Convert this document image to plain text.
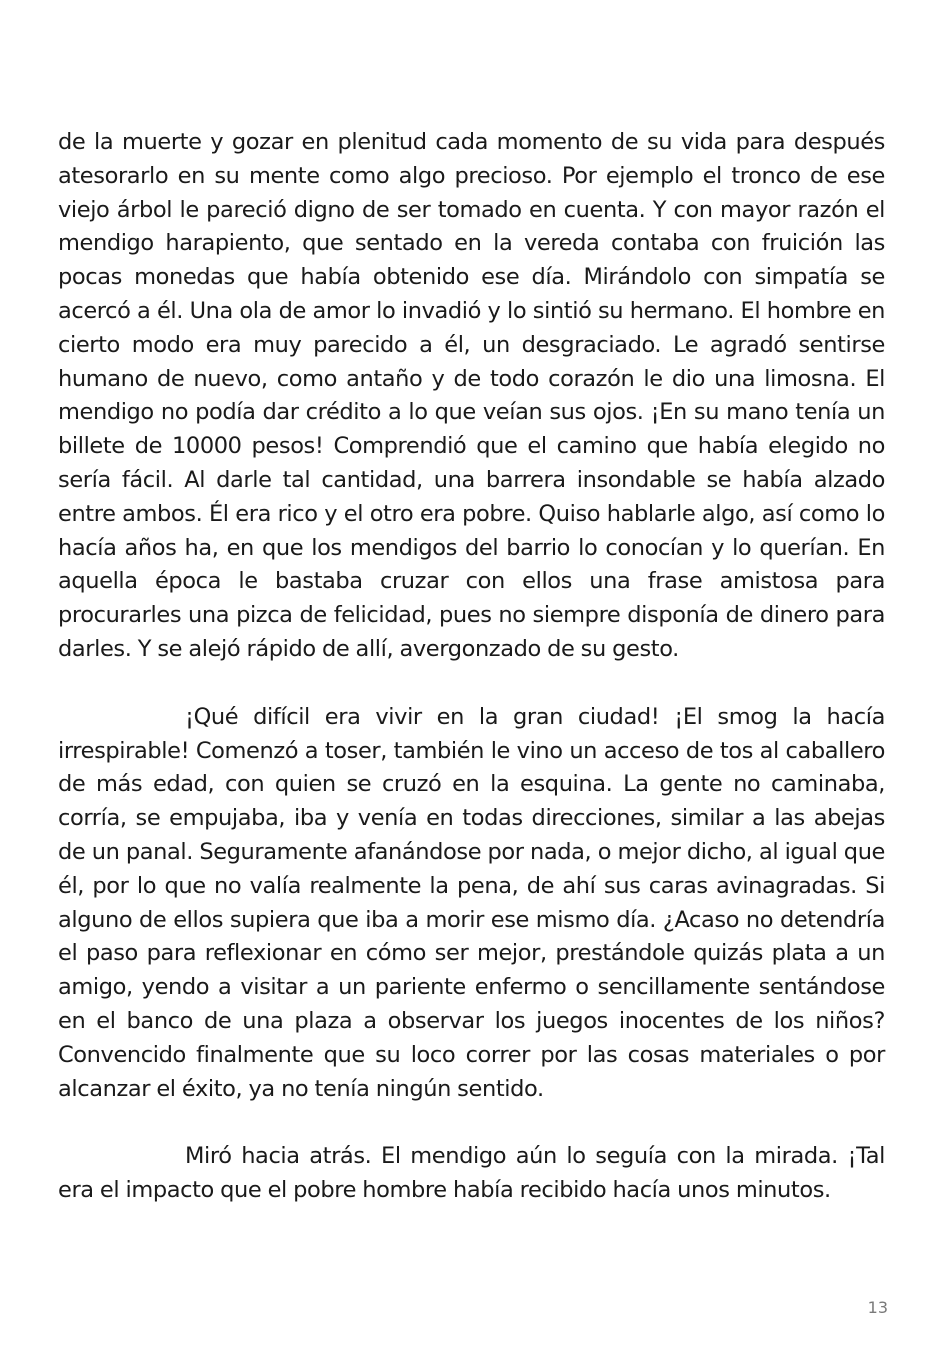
de la muerte y gozar en plenitud cada momento de su vida para después atesorarlo en su mente como algo precioso. Por ejemplo el tronco de ese viejo árbol le pareció digno de ser tomado en cuenta. Y con mayor razón el mendigo harapiento, que sentado en la vereda contaba con fruición las pocas monedas que había obtenido ese día. Mirándolo con simpatía se acercó a él. Una ola de amor lo invadió y lo sintió su hermano. El hombre en cierto modo era muy parecido a él, un desgraciado. Le agradó sentirse humano de nuevo, como antaño y de todo corazón le dio una limosna. El mendigo no podía dar crédito a lo que veían sus ojos. ¡En su mano tenía un billete de 10000 pesos! Comprendió que el camino que había elegido no sería fácil. Al darle tal cantidad, una barrera insondable se había alzado entre ambos. Él era rico y el otro era pobre. Quiso hablarle algo, así como lo hacía años ha, en que los mendigos del barrio lo conocían y lo querían. En aquella época le bastaba cruzar con ellos una frase amistosa para procurarles una pizca de felicidad, pues no siempre disponía de dinero para darles. Y se alejó rápido de allí, avergonzado de su gesto.

¡Qué difícil era vivir en la gran ciudad! ¡El smog la hacía irrespirable! Comenzó a toser, también le vino un acceso de tos al caballero de más edad, con quien se cruzó en la esquina. La gente no caminaba, corría, se empujaba, iba y venía en todas direcciones, similar a las abejas de un panal. Seguramente afanándose por nada, o mejor dicho, al igual que él, por lo que no valía realmente la pena, de ahí sus caras avinagradas. Si alguno de ellos supiera que iba a morir ese mismo día. ¿Acaso no detendría el paso para reflexionar en cómo ser mejor, prestándole quizás plata a un amigo, yendo a visitar a un pariente enfermo o sencillamente sentándose en el banco de una plaza a observar los juegos inocentes de los niños? Convencido finalmente que su loco correr por las cosas materiales o por alcanzar el éxito, ya no tenía ningún sentido.

Miró hacia atrás. El mendigo aún lo seguía con la mirada. ¡Tal era el impacto que el pobre hombre había recibido hacía unos minutos.

13
